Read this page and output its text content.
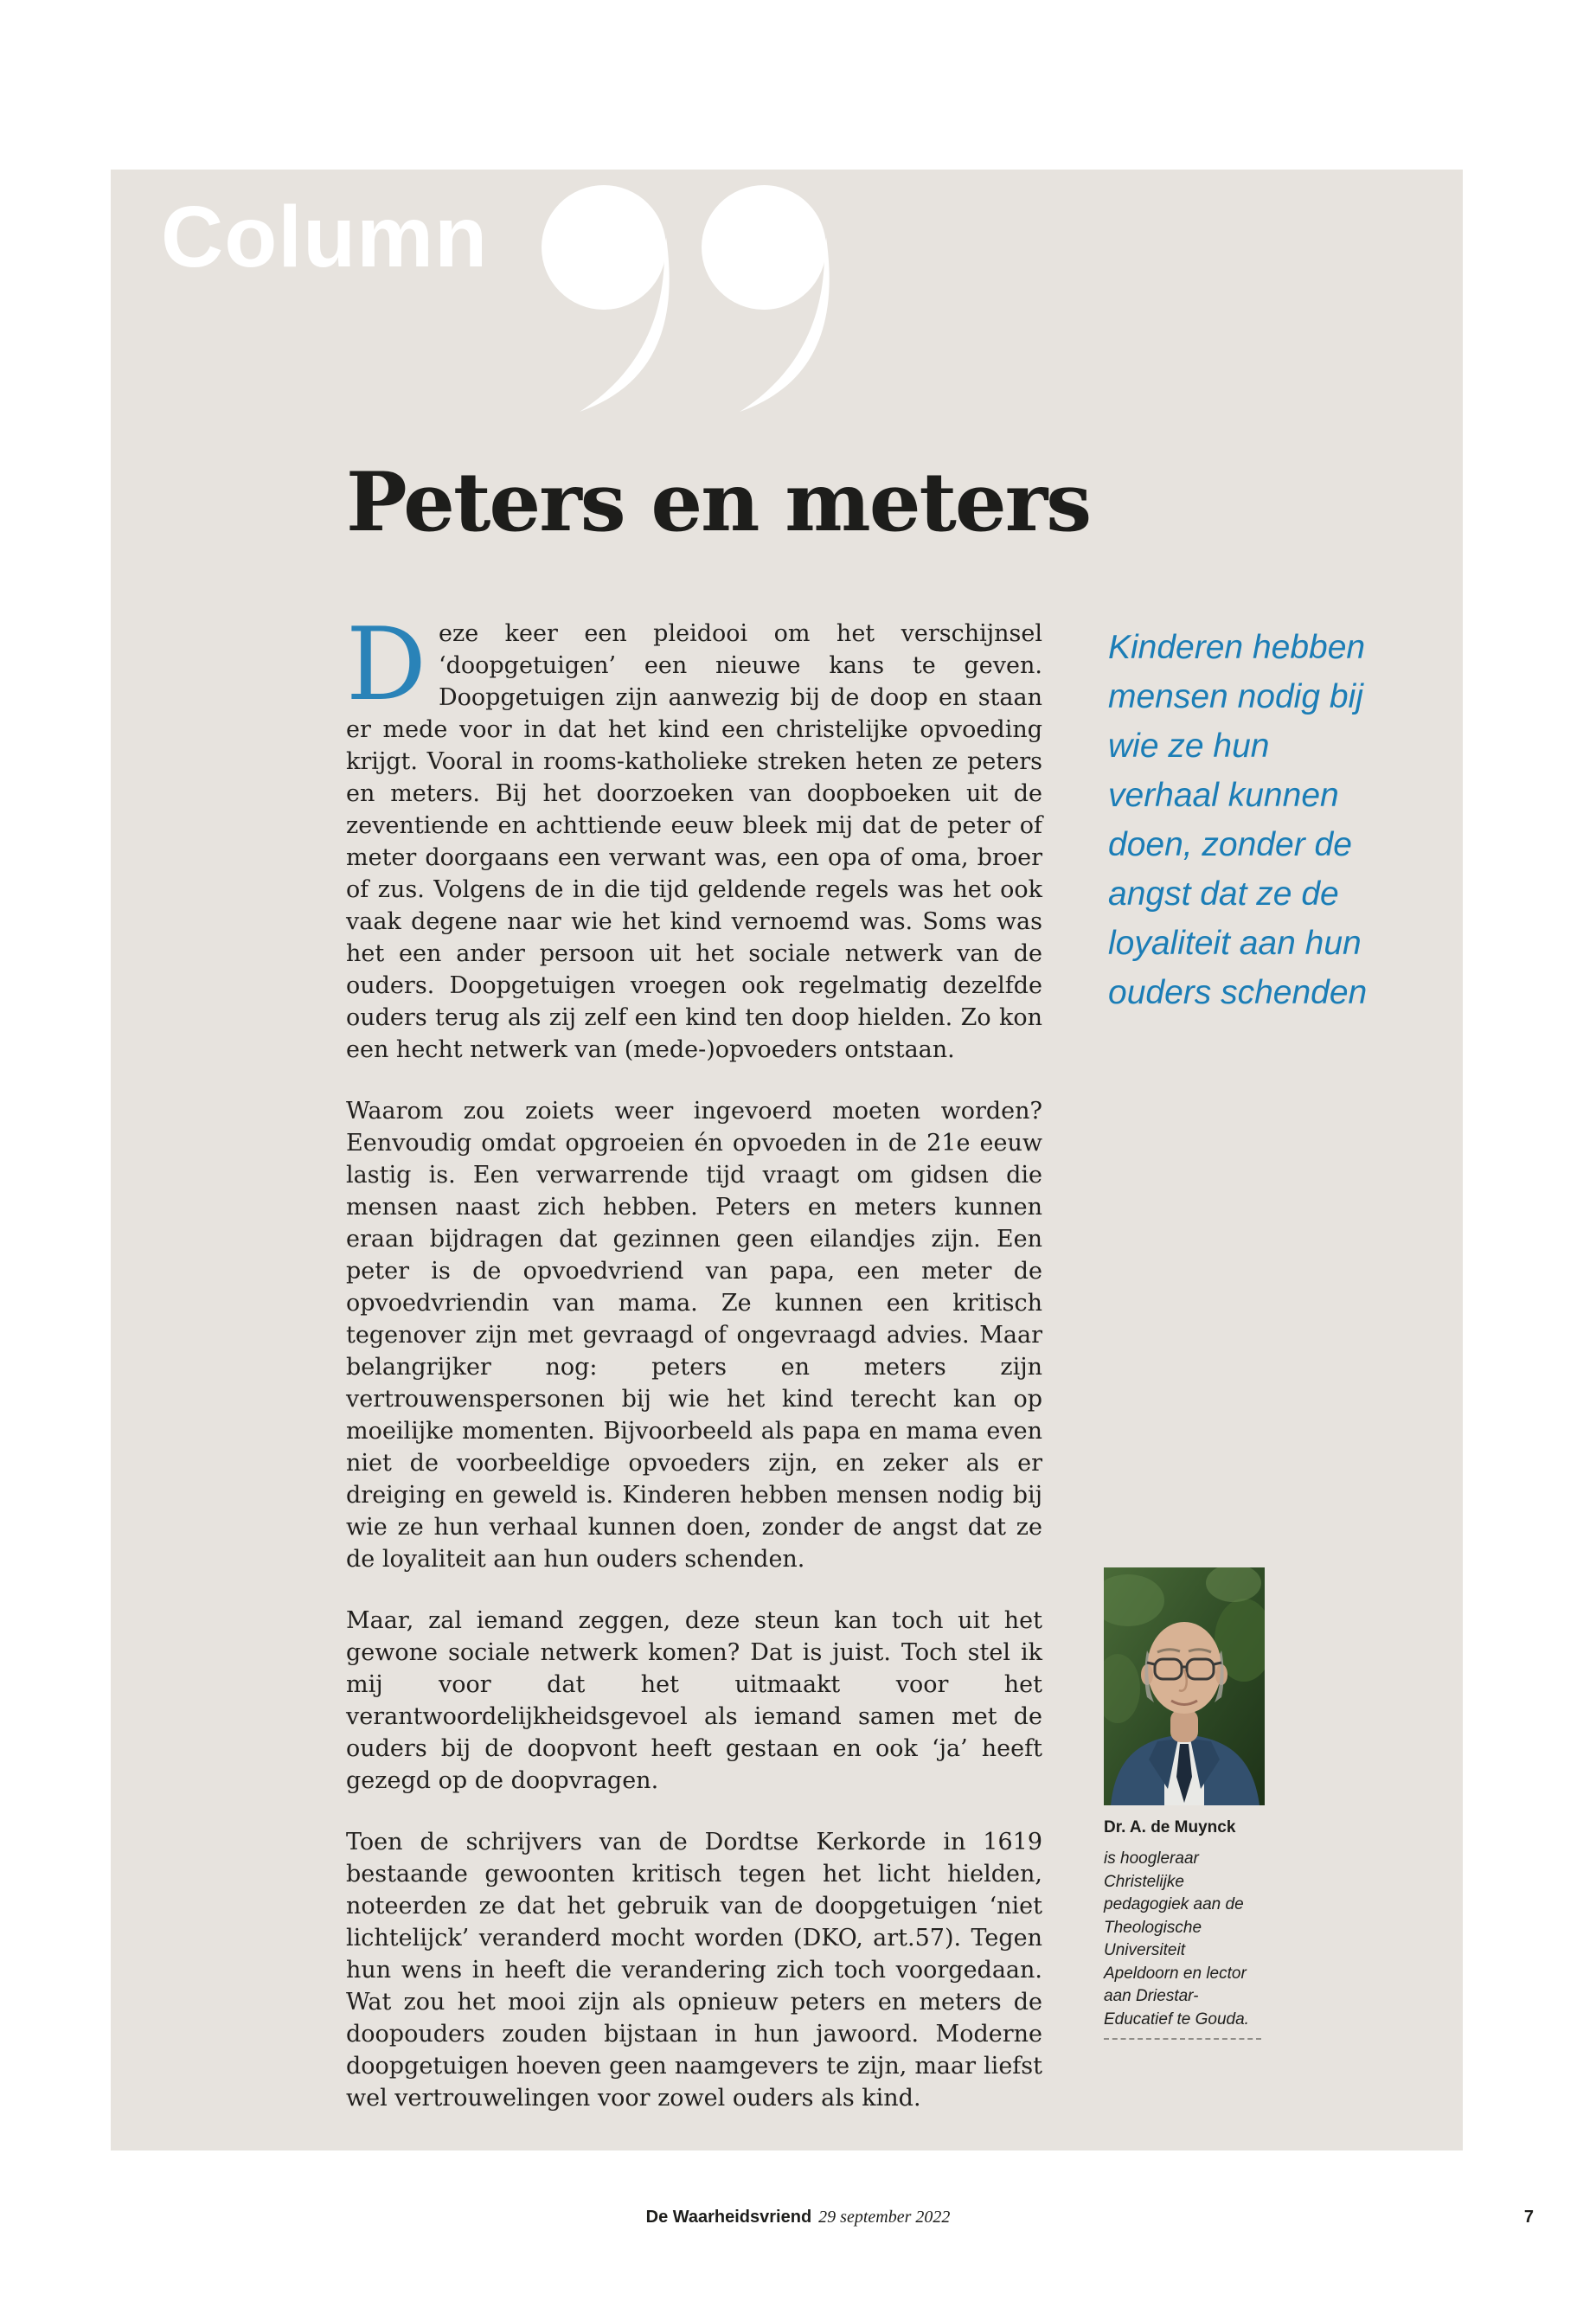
Column
Peters en meters

Deze keer een pleidooi om het verschijnsel ‘doopgetuigen’ een nieuwe kans te geven. Doopgetuigen zijn aanwezig bij de doop en staan er mede voor in dat het kind een christelijke opvoeding krijgt. Vooral in rooms-katholieke streken heten ze peters en meters. Bij het doorzoeken van doopboeken uit de zeventiende en achttiende eeuw bleek mij dat de peter of meter doorgaans een verwant was, een opa of oma, broer of zus. Volgens de in die tijd geldende regels was het ook vaak degene naar wie het kind vernoemd was. Soms was het een ander persoon uit het sociale netwerk van de ouders. Doopgetuigen vroegen ook regelmatig dezelfde ouders terug als zij zelf een kind ten doop hielden. Zo kon een hecht netwerk van (mede-)opvoeders ontstaan.

Waarom zou zoiets weer ingevoerd moeten worden? Eenvoudig omdat opgroeien én opvoeden in de 21e eeuw lastig is. Een verwarrende tijd vraagt om gidsen die mensen naast zich hebben. Peters en meters kunnen eraan bijdragen dat gezinnen geen eilandjes zijn. Een peter is de opvoedvriend van papa, een meter de opvoedvriendin van mama. Ze kunnen een kritisch tegenover zijn met gevraagd of ongevraagd advies. Maar belangrijker nog: peters en meters zijn vertrouwenspersonen bij wie het kind terecht kan op moeilijke momenten. Bijvoorbeeld als papa en mama even niet de voorbeeldige opvoeders zijn, en zeker als er dreiging en geweld is. Kinderen hebben mensen nodig bij wie ze hun verhaal kunnen doen, zonder de angst dat ze de loyaliteit aan hun ouders schenden.

Maar, zal iemand zeggen, deze steun kan toch uit het gewone sociale netwerk komen? Dat is juist. Toch stel ik mij voor dat het uitmaakt voor het verantwoordelijkheidsgevoel als iemand samen met de ouders bij de doopvont heeft gestaan en ook ‘ja’ heeft gezegd op de doopvragen.

Toen de schrijvers van de Dordtse Kerkorde in 1619 bestaande gewoonten kritisch tegen het licht hielden, noteerden ze dat het gebruik van de doopgetuigen ‘niet lichtelijck’ veranderd mocht worden (DKO, art.57). Tegen hun wens in heeft die verandering zich toch voorgedaan. Wat zou het mooi zijn als opnieuw peters en meters de doopouders zouden bijstaan in hun jawoord. Moderne doopgetuigen hoeven geen naamgevers te zijn, maar liefst wel vertrouwelingen voor zowel ouders als kind.

Kinderen hebben mensen nodig bij wie ze hun verhaal kunnen doen, zonder de angst dat ze de loyaliteit aan hun ouders schenden
Dr. A. de Muynck
is hoogleraar Christelijke pedagogiek aan de Theologische Universiteit Apeldoorn en lector aan Driestar-Educatief te Gouda.
De Waarheidsvriend 29 september 2022	7
